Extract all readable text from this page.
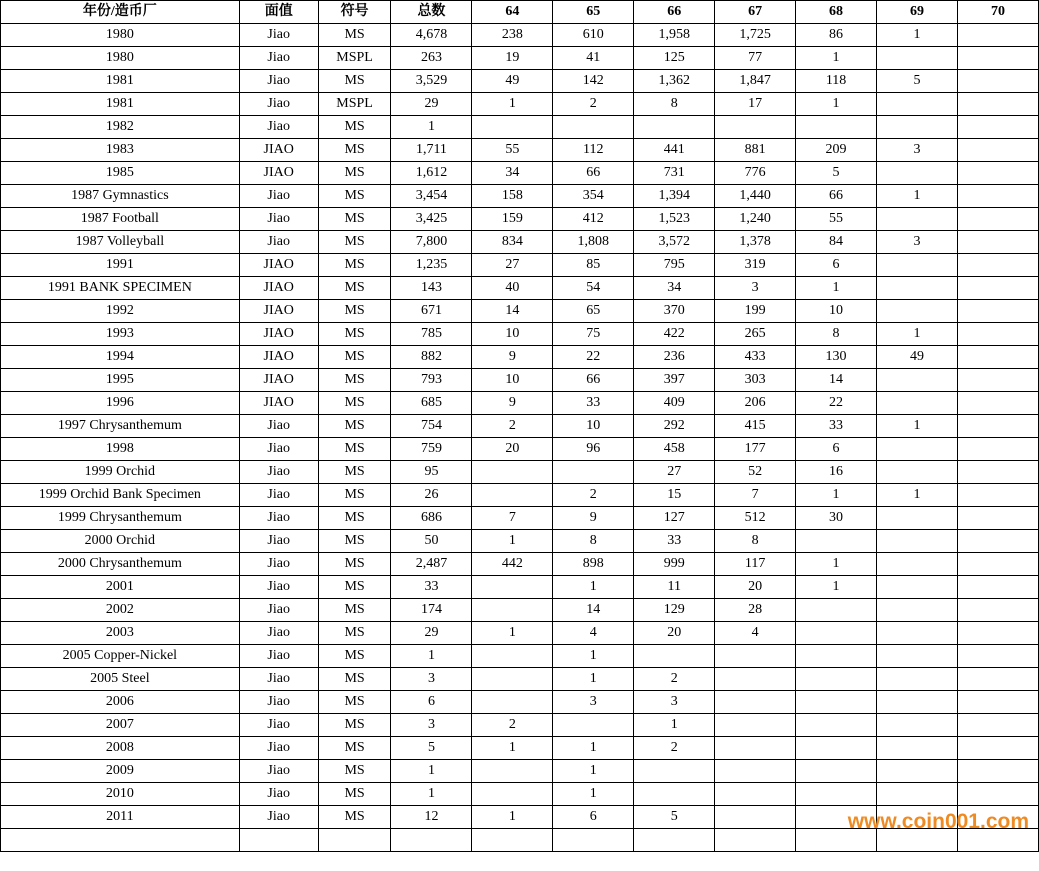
年份/造币厂	面值	符号	总数	64	65	66	67	68	69	70
1980	Jiao	MS	4,678	238	610	1,958	1,725	86	1	
1980	Jiao	MSPL	263	19	41	125	77	1		
1981	Jiao	MS	3,529	49	142	1,362	1,847	118	5	
1981	Jiao	MSPL	29	1	2	8	17	1		
1982	Jiao	MS	1							
1983	JIAO	MS	1,711	55	112	441	881	209	3	
1985	JIAO	MS	1,612	34	66	731	776	5		
1987 Gymnastics	Jiao	MS	3,454	158	354	1,394	1,440	66	1	
1987 Football	Jiao	MS	3,425	159	412	1,523	1,240	55		
1987 Volleyball	Jiao	MS	7,800	834	1,808	3,572	1,378	84	3	
1991	JIAO	MS	1,235	27	85	795	319	6		
1991 BANK SPECIMEN	JIAO	MS	143	40	54	34	3	1		
1992	JIAO	MS	671	14	65	370	199	10		
1993	JIAO	MS	785	10	75	422	265	8	1	
1994	JIAO	MS	882	9	22	236	433	130	49	
1995	JIAO	MS	793	10	66	397	303	14		
1996	JIAO	MS	685	9	33	409	206	22		
1997 Chrysanthemum	Jiao	MS	754	2	10	292	415	33	1	
1998	Jiao	MS	759	20	96	458	177	6		
1999 Orchid	Jiao	MS	95			27	52	16		
1999 Orchid Bank Specimen	Jiao	MS	26		2	15	7	1	1	
1999 Chrysanthemum	Jiao	MS	686	7	9	127	512	30		
2000 Orchid	Jiao	MS	50	1	8	33	8			
2000 Chrysanthemum	Jiao	MS	2,487	442	898	999	117	1		
2001	Jiao	MS	33		1	11	20	1		
2002	Jiao	MS	174		14	129	28			
2003	Jiao	MS	29	1	4	20	4			
2005 Copper-Nickel	Jiao	MS	1		1					
2005 Steel	Jiao	MS	3		1	2				
2006	Jiao	MS	6		3	3				
2007	Jiao	MS	3	2		1				
2008	Jiao	MS	5	1	1	2				
2009	Jiao	MS	1		1					
2010	Jiao	MS	1		1					
2011	Jiao	MS	12	1	6	5				
											www.coin001.com
